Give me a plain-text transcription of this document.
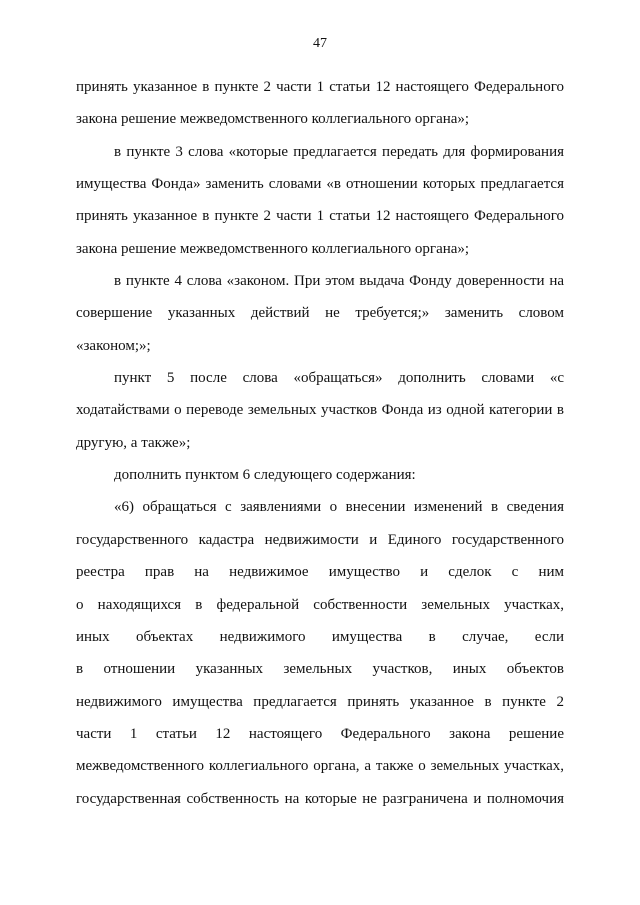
47
принять указанное в пункте 2 части 1 статьи 12 настоящего Федерального
закона решение межведомственного коллегиального органа»;
в пункте 3 слова «которые предлагается передать для формирования
имущества Фонда» заменить словами «в отношении которых предлагается
принять указанное в пункте 2 части 1 статьи 12 настоящего Федерального
закона решение межведомственного коллегиального органа»;
в пункте 4 слова «законом. При этом выдача Фонду доверенности на
совершение указанных действий не требуется;» заменить словом
«законом;»;
пункт 5 после слова «обращаться» дополнить словами «с
ходатайствами о переводе земельных участков Фонда из одной категории в
другую, а также»;
дополнить пунктом 6 следующего содержания:
«6) обращаться с заявлениями о внесении изменений в сведения
государственного кадастра недвижимости и Единого государственного
реестра прав на недвижимое имущество и сделок с ним
о находящихся в федеральной собственности земельных участках,
иных объектах недвижимого имущества в случае, если
в отношении указанных земельных участков, иных объектов
недвижимого имущества предлагается принять указанное в пункте 2
части 1 статьи 12 настоящего Федерального закона решение
межведомственного коллегиального органа, а также о земельных участках,
государственная собственность на которые не разграничена и полномочия
